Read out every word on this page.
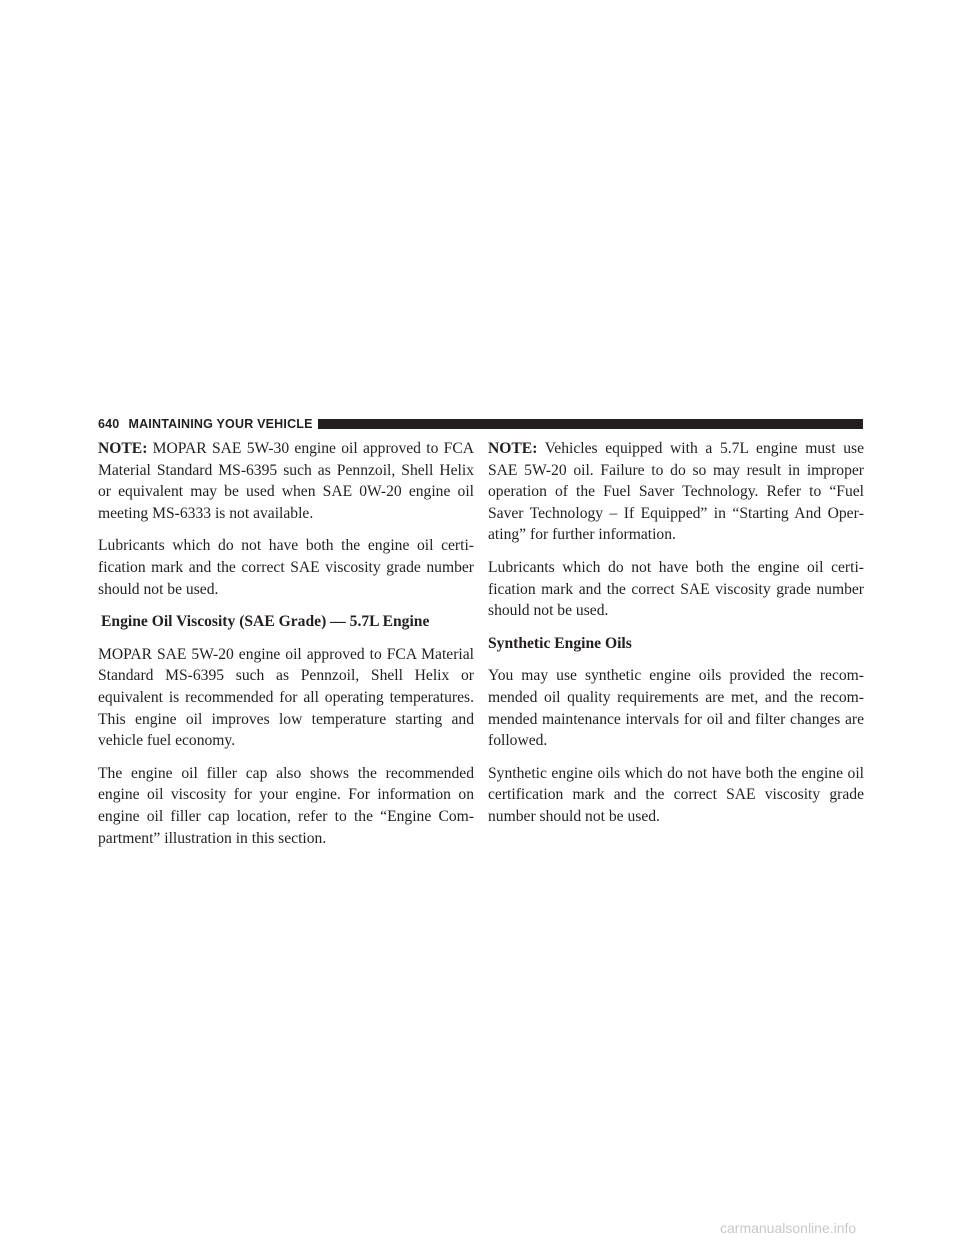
640 MAINTAINING YOUR VEHICLE

NOTE: MOPAR SAE 5W-30 engine oil approved to FCA Material Standard MS-6395 such as Pennzoil, Shell Helix or equivalent may be used when SAE 0W-20 engine oil meeting MS-6333 is not available.

Lubricants which do not have both the engine oil certification mark and the correct SAE viscosity grade number should not be used.

Engine Oil Viscosity (SAE Grade) — 5.7L Engine

MOPAR SAE 5W-20 engine oil approved to FCA Material Standard MS-6395 such as Pennzoil, Shell Helix or equivalent is recommended for all operating temperatures. This engine oil improves low temperature starting and vehicle fuel economy.

The engine oil filler cap also shows the recommended engine oil viscosity for your engine. For information on engine oil filler cap location, refer to the “Engine Compartment” illustration in this section.

NOTE: Vehicles equipped with a 5.7L engine must use SAE 5W-20 oil. Failure to do so may result in improper operation of the Fuel Saver Technology. Refer to “Fuel Saver Technology – If Equipped” in “Starting And Operating” for further information.

Lubricants which do not have both the engine oil certification mark and the correct SAE viscosity grade number should not be used.

Synthetic Engine Oils

You may use synthetic engine oils provided the recommended oil quality requirements are met, and the recommended maintenance intervals for oil and filter changes are followed.

Synthetic engine oils which do not have both the engine oil certification mark and the correct SAE viscosity grade number should not be used.

carmanualsonline.info
